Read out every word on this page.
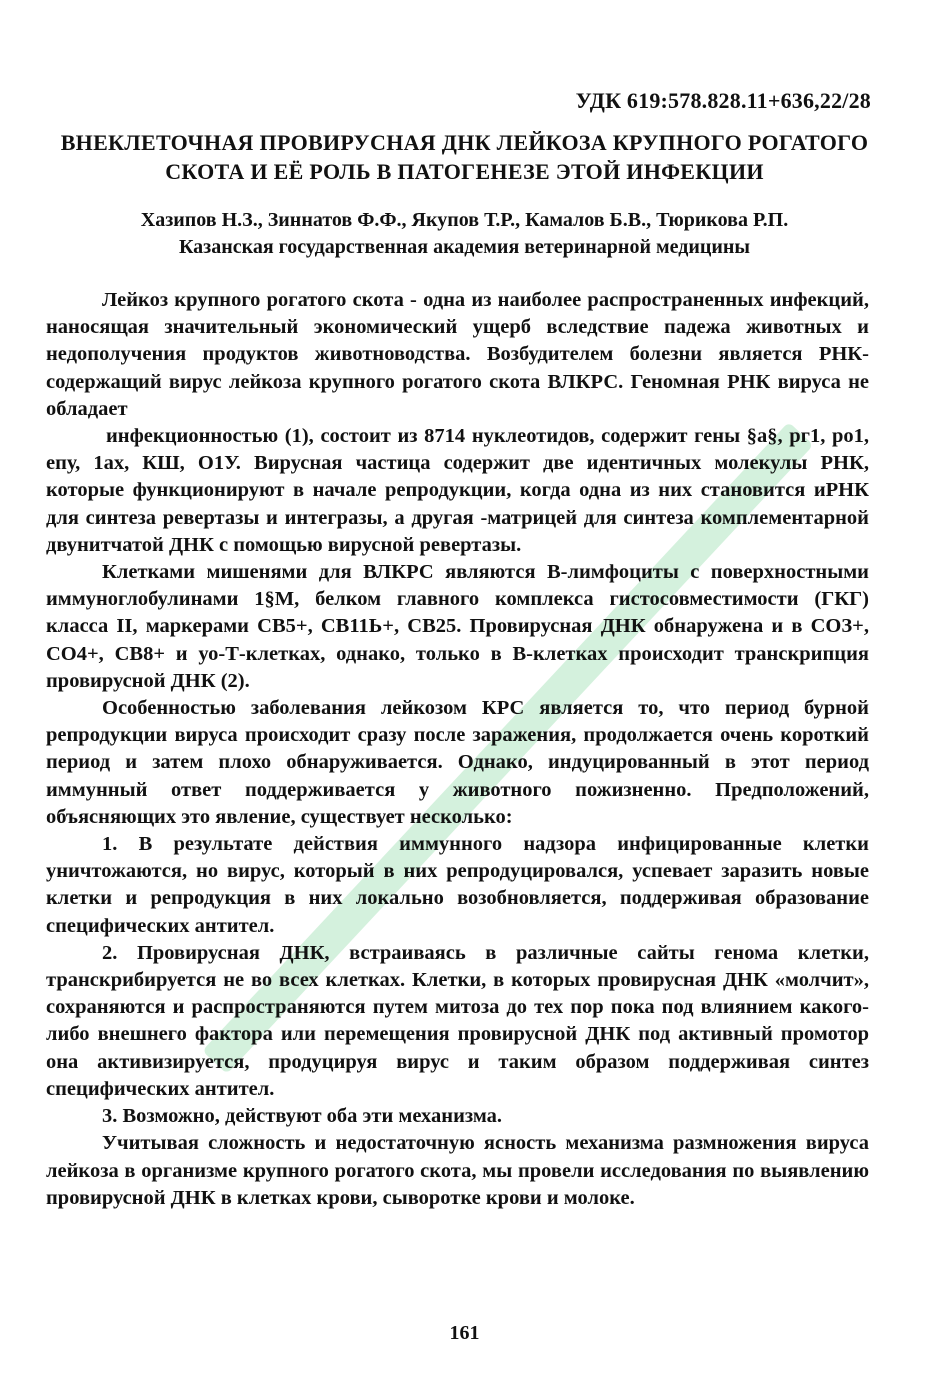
УДК 619:578.828.11+636,22/28
ВНЕКЛЕТОЧНАЯ ПРОВИРУСНАЯ ДНК ЛЕЙКОЗА КРУПНОГО РОГАТОГО СКОТА И ЕЁ РОЛЬ В ПАТОГЕНЕЗЕ ЭТОЙ ИНФЕКЦИИ
Хазипов Н.З., Зиннатов Ф.Ф., Якупов Т.Р., Камалов Б.В., Тюрикова Р.П.
Казанская государственная академия ветеринарной медицины

Лейкоз крупного рогатого скота - одна из наиболее распространенных инфекций, наносящая значительный экономический ущерб вследствие падежа животных и недополучения продуктов животноводства. Возбудителем болезни является РНК-содержащий вирус лейкоза крупного рогатого скота ВЛКРС. Геномная РНК вируса не обладает

инфекционностью (1), состоит из 8714 нуклеотидов, содержит гены §а§, рг1, ро1, епу, 1ах, КШ, О1У. Вирусная частица содержит две идентичных молекулы РНК, которые функционируют в начале репродукции, когда одна из них становится иРНК для синтеза ревертазы и интегразы, а другая -матрицей для синтеза комплементарной двунитчатой ДНК с помощью вирусной ревертазы.

Клетками мишенями для ВЛКРС являются В-лимфоциты с поверхностными иммуноглобулинами 1§М, белком главного комплекса гистосовместимости (ГКГ) класса II, маркерами СВ5+, СВ11Ь+, СВ25. Провирусная ДНК обнаружена и в СОЗ+, СО4+, СВ8+ и уо-Т-клетках, однако, только в В-клетках происходит транскрипция провирусной ДНК (2).

Особенностью заболевания лейкозом КРС является то, что период бурной репродукции вируса происходит сразу после заражения, продолжается очень короткий период и затем плохо обнаруживается. Однако, индуцированный в этот период иммунный ответ поддерживается у животного пожизненно. Предположений, объясняющих это явление, существует несколько:

1. В результате действия иммунного надзора инфицированные клетки уничтожаются, но вирус, который в них репродуцировался, успевает заразить новые клетки и репродукция в них локально возобновляется, поддерживая образование специфических антител.

2. Провирусная ДНК, встраиваясь в различные сайты генома клетки, транскрибируется не во всех клетках. Клетки, в которых провирусная ДНК «молчит», сохраняются и распространяются путем митоза до тех пор пока под влиянием какого-либо внешнего фактора или перемещения провирусной ДНК под активный промотор она активизируется, продуцируя вирус и таким образом поддерживая синтез специфических антител.

3. Возможно, действуют оба эти механизма.

Учитывая сложность и недостаточную ясность механизма размножения вируса лейкоза в организме крупного рогатого скота, мы провели исследования по выявлению провирусной ДНК в клетках крови, сыворотке крови и молоке.

161
